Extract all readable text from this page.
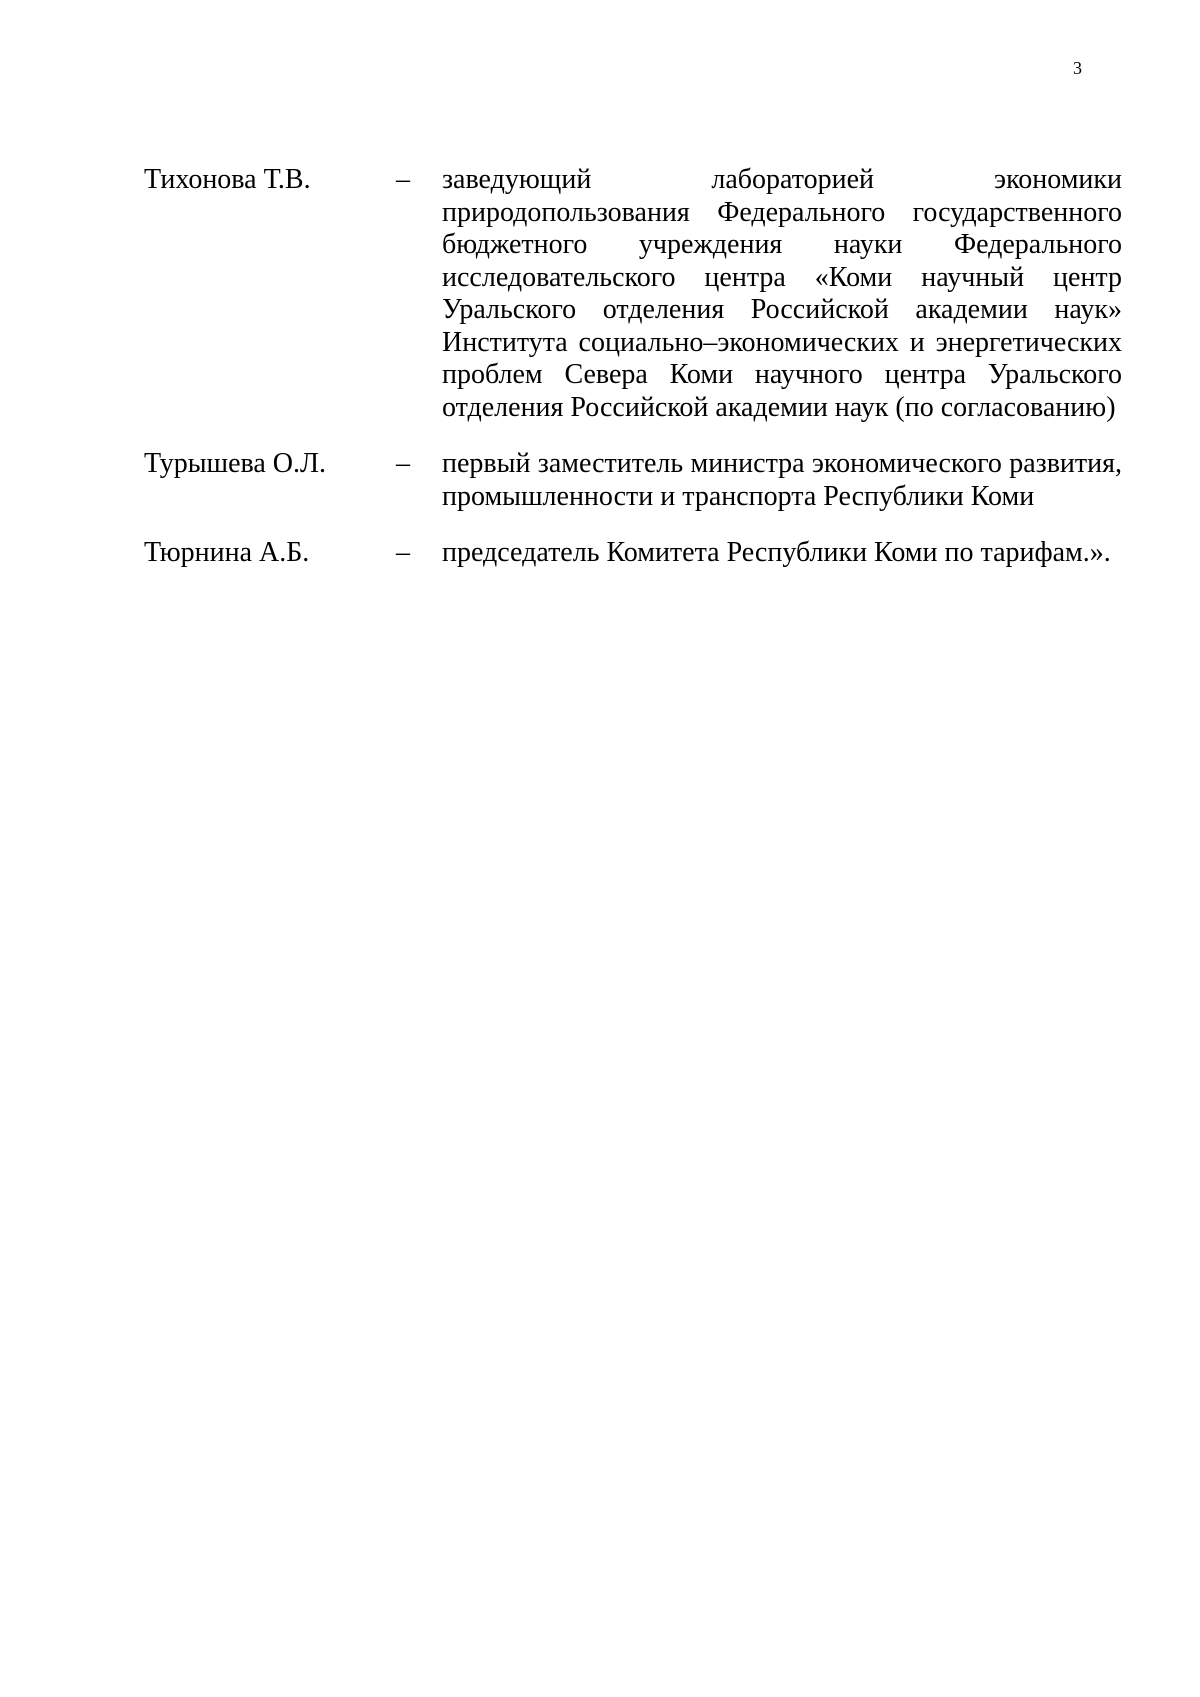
3
Тихонова Т.В.	–	заведующий лабораторией экономики природопользования Федерального государственного бюджетного учреждения науки Федерального исследовательского центра «Коми научный центр Уральского отделения Российской академии наук» Института социально–экономических и энергетических проблем Севера Коми научного центра Уральского отделения Российской академии наук (по согласованию)
Турышева О.Л.	–	первый заместитель министра экономического развития, промышленности и транспорта Республики Коми
Тюрнина А.Б.	–	председатель Комитета Республики Коми по тарифам.».
